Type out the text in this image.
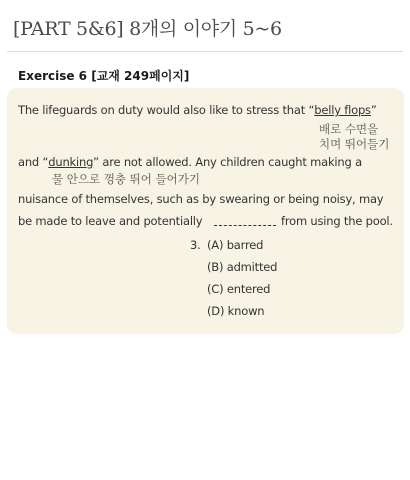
[PART 5&6] 8개의 이야기 5~6
Exercise 6 [교재 249페이지]
The lifeguards on duty would also like to stress that “belly flops”
배로 수면을
치며 뛰어들기
and “dunking” are not allowed. Any children caught making a
물 안으로 껑충 뛰어 들어가기
nuisance of themselves, such as by swearing or being noisy, may
be made to leave and potentially	from using the pool.
3. (A) barred
(B) admitted
(C) entered
(D) known
